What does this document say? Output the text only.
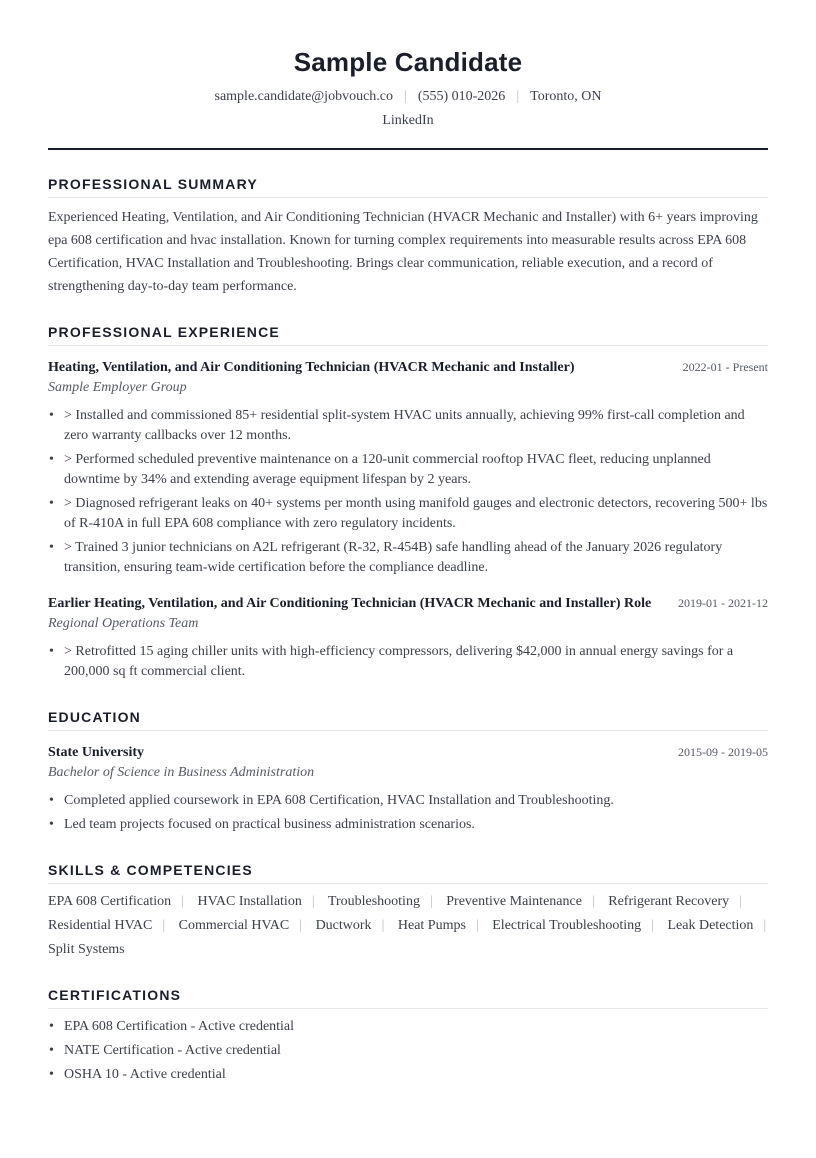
Sample Candidate
sample.candidate@jobvouch.co | (555) 010-2026 | Toronto, ON
LinkedIn
PROFESSIONAL SUMMARY
Experienced Heating, Ventilation, and Air Conditioning Technician (HVACR Mechanic and Installer) with 6+ years improving epa 608 certification and hvac installation. Known for turning complex requirements into measurable results across EPA 608 Certification, HVAC Installation and Troubleshooting. Brings clear communication, reliable execution, and a record of strengthening day-to-day team performance.
PROFESSIONAL EXPERIENCE
Heating, Ventilation, and Air Conditioning Technician (HVACR Mechanic and Installer)	2022-01 - Present
Sample Employer Group
• > Installed and commissioned 85+ residential split-system HVAC units annually, achieving 99% first-call completion and zero warranty callbacks over 12 months.
• > Performed scheduled preventive maintenance on a 120-unit commercial rooftop HVAC fleet, reducing unplanned downtime by 34% and extending average equipment lifespan by 2 years.
• > Diagnosed refrigerant leaks on 40+ systems per month using manifold gauges and electronic detectors, recovering 500+ lbs of R-410A in full EPA 608 compliance with zero regulatory incidents.
• > Trained 3 junior technicians on A2L refrigerant (R-32, R-454B) safe handling ahead of the January 2026 regulatory transition, ensuring team-wide certification before the compliance deadline.
Earlier Heating, Ventilation, and Air Conditioning Technician (HVACR Mechanic and Installer) Role 2019-01 - 2021-12
Regional Operations Team
• > Retrofitted 15 aging chiller units with high-efficiency compressors, delivering $42,000 in annual energy savings for a 200,000 sq ft commercial client.
EDUCATION
State University	2015-09 - 2019-05
Bachelor of Science in Business Administration
• Completed applied coursework in EPA 608 Certification, HVAC Installation and Troubleshooting.
• Led team projects focused on practical business administration scenarios.
SKILLS & COMPETENCIES
EPA 608 Certification | HVAC Installation | Troubleshooting | Preventive Maintenance | Refrigerant Recovery | Residential HVAC | Commercial HVAC | Ductwork | Heat Pumps | Electrical Troubleshooting | Leak Detection | Split Systems
CERTIFICATIONS
• EPA 608 Certification - Active credential
• NATE Certification - Active credential
• OSHA 10 - Active credential
